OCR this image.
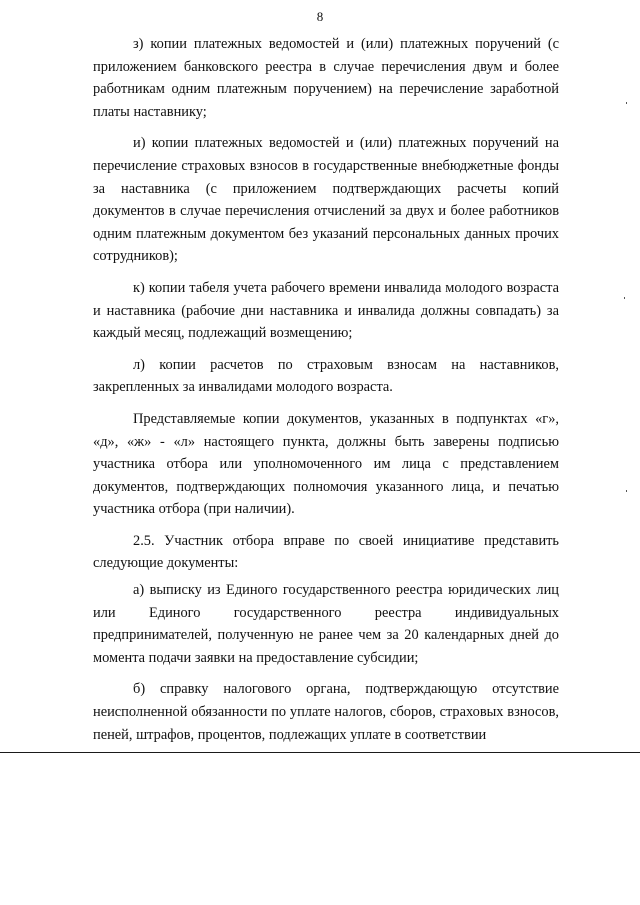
8

з) копии платежных ведомостей и (или) платежных поручений (с приложением банковского реестра в случае перечисления двум и более работникам одним платежным поручением) на перечисление заработной платы наставнику;

и) копии платежных ведомостей и (или) платежных поручений на перечисление страховых взносов в государственные внебюджетные фонды за наставника (с приложением подтверждающих расчеты копий документов в случае перечисления отчислений за двух и более работников одним платежным документом без указаний персональных данных прочих сотрудников);

к) копии табеля учета рабочего времени инвалида молодого возраста и наставника (рабочие дни наставника и инвалида должны совпадать) за каждый месяц, подлежащий возмещению;

л) копии расчетов по страховым взносам на наставников, закрепленных за инвалидами молодого возраста.

Представляемые копии документов, указанных в подпунктах «г», «д», «ж» - «л» настоящего пункта, должны быть заверены подписью участника отбора или уполномоченного им лица с представлением документов, подтверждающих полномочия указанного лица, и печатью участника отбора (при наличии).

2.5. Участник отбора вправе по своей инициативе представить следующие документы:

а) выписку из Единого государственного реестра юридических лиц или Единого государственного реестра индивидуальных предпринимателей, полученную не ранее чем за 20 календарных дней до момента подачи заявки на предоставление субсидии;

б) справку налогового органа, подтверждающую отсутствие неисполненной обязанности по уплате налогов, сборов, страховых взносов, пеней, штрафов, процентов, подлежащих уплате в соответствии
